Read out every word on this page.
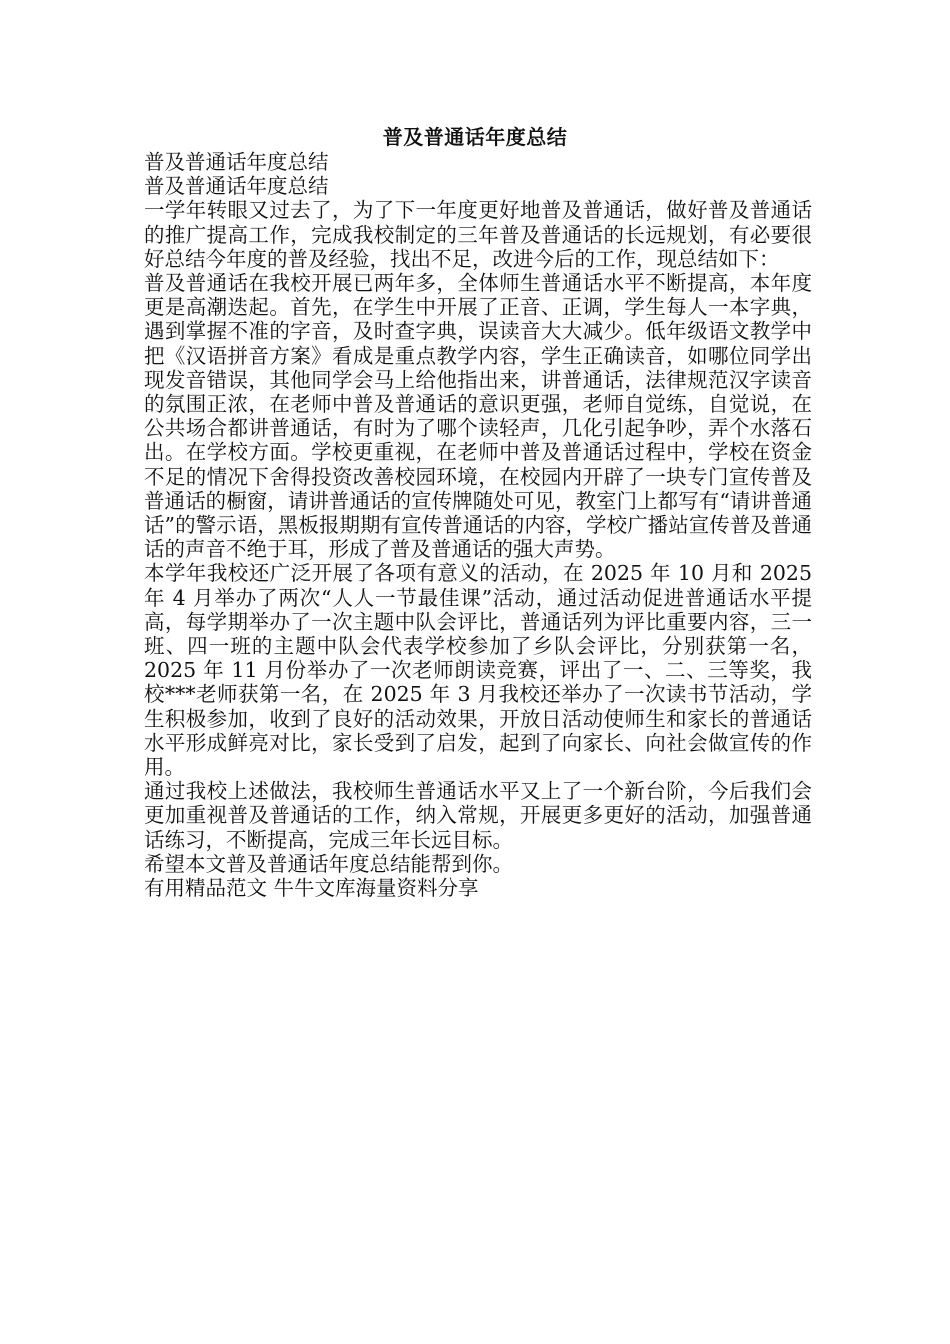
普及普通话年度总结

普及普通话年度总结

普及普通话年度总结

一学年转眼又过去了，为了下一年度更好地普及普通话，做好普及普通话的推广提高工作，完成我校制定的三年普及普通话的长远规划，有必要很好总结今年度的普及经验，找出不足，改进今后的工作，现总结如下：

普及普通话在我校开展已两年多，全体师生普通话水平不断提高，本年度更是高潮迭起。首先，在学生中开展了正音、正调，学生每人一本字典，遇到掌握不准的字音，及时查字典，误读音大大减少。低年级语文教学中把《汉语拼音方案》看成是重点教学内容，学生正确读音，如哪位同学出现发音错误，其他同学会马上给他指出来，讲普通话，法律规范汉字读音的氛围正浓，在老师中普及普通话的意识更强，老师自觉练，自觉说，在公共场合都讲普通话，有时为了哪个读轻声，几化引起争吵，弄个水落石出。在学校方面。学校更重视，在老师中普及普通话过程中，学校在资金不足的情况下舍得投资改善校园环境，在校园内开辟了一块专门宣传普及普通话的橱窗，请讲普通话的宣传牌随处可见，教室门上都写有“请讲普通话”的警示语，黑板报期期有宣传普通话的内容，学校广播站宣传普及普通话的声音不绝于耳，形成了普及普通话的强大声势。

本学年我校还广泛开展了各项有意义的活动，在 2025 年 10 月和 2025 年 4 月举办了两次“人人一节最佳课”活动，通过活动促进普通话水平提高，每学期举办了一次主题中队会评比，普通话列为评比重要内容，三一班、四一班的主题中队会代表学校参加了乡队会评比，分别获第一名，2025 年 11 月份举办了一次老师朗读竞赛，评出了一、二、三等奖，我校***老师获第一名，在 2025 年 3 月我校还举办了一次读书节活动，学生积极参加，收到了良好的活动效果，开放日活动使师生和家长的普通话水平形成鲜亮对比，家长受到了启发，起到了向家长、向社会做宣传的作用。

通过我校上述做法，我校师生普通话水平又上了一个新台阶，今后我们会更加重视普及普通话的工作，纳入常规，开展更多更好的活动，加强普通话练习，不断提高，完成三年长远目标。

希望本文普及普通话年度总结能帮到你。

有用精品范文 牛牛文库海量资料分享
